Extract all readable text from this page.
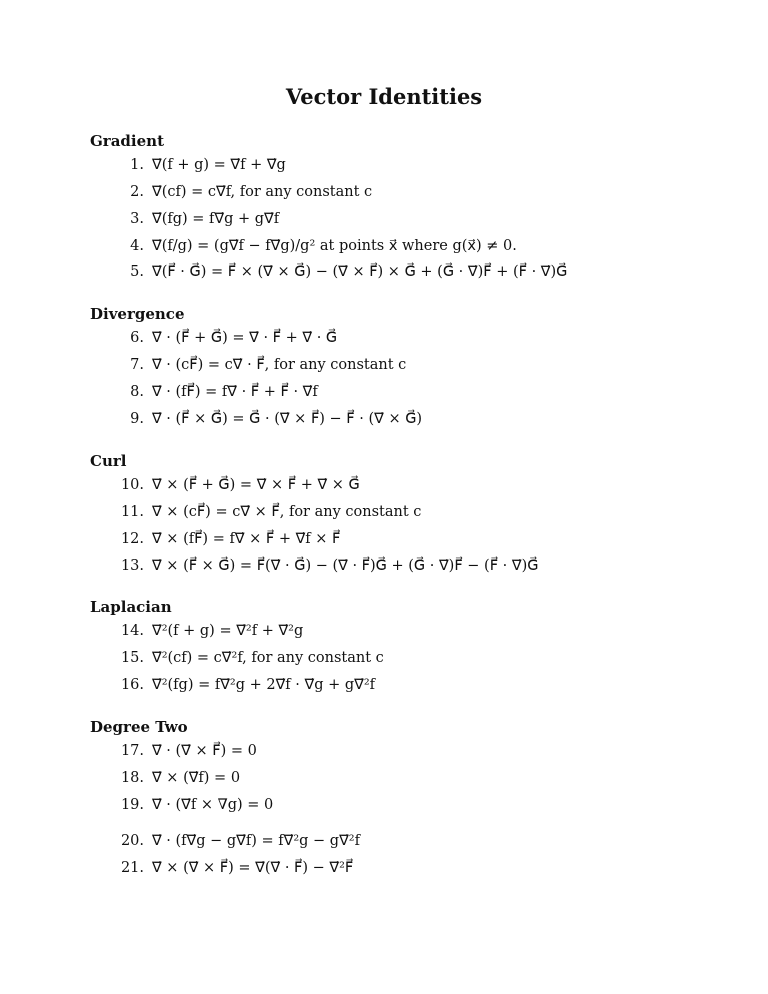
Vector Identities
Gradient
1. ∇⃗(f + g) = ∇⃗f + ∇⃗g
2. ∇⃗(cf) = c∇⃗f, for any constant c
3. ∇⃗(fg) = f∇⃗g + g∇⃗f
4. ∇⃗(f/g) = (g∇⃗f − f∇⃗g)/g² at points x⃗ where g(x⃗) ≠ 0.
5. ∇⃗(F⃗ · G⃗) = F⃗ × (∇⃗ × G⃗) − (∇⃗ × F⃗) × G⃗ + (G⃗ · ∇⃗)F⃗ + (F⃗ · ∇⃗)G⃗
Divergence
6. ∇⃗ · (F⃗ + G⃗) = ∇⃗ · F⃗ + ∇⃗ · G⃗
7. ∇⃗ · (cF⃗) = c∇⃗ · F⃗, for any constant c
8. ∇⃗ · (fF⃗) = f∇⃗ · F⃗ + F⃗ · ∇⃗f
9. ∇⃗ · (F⃗ × G⃗) = G⃗ · (∇⃗ × F⃗) − F⃗ · (∇⃗ × G⃗)
Curl
10. ∇⃗ × (F⃗ + G⃗) = ∇⃗ × F⃗ + ∇⃗ × G⃗
11. ∇⃗ × (cF⃗) = c∇⃗ × F⃗, for any constant c
12. ∇⃗ × (fF⃗) = f∇⃗ × F⃗ + ∇⃗f × F⃗
13. ∇⃗ × (F⃗ × G⃗) = F⃗(∇⃗ · G⃗) − (∇⃗ · F⃗)G⃗ + (G⃗ · ∇⃗)F⃗ − (F⃗ · ∇⃗)G⃗
Laplacian
14. ∇⃗²(f + g) = ∇⃗²f + ∇⃗²g
15. ∇⃗²(cf) = c∇⃗²f, for any constant c
16. ∇⃗²(fg) = f∇⃗²g + 2∇⃗f · ∇⃗g + g∇⃗²f
Degree Two
17. ∇⃗ · (∇⃗ × F⃗) = 0
18. ∇⃗ × (∇⃗f) = 0
19. ∇⃗ · (∇⃗f × ∇g) = 0
20. ∇⃗ · (f∇⃗g − g∇⃗f) = f∇⃗²g − g∇⃗²f
21. ∇⃗ × (∇⃗ × F⃗) = ∇⃗(∇⃗ · F⃗) − ∇⃗²F⃗
